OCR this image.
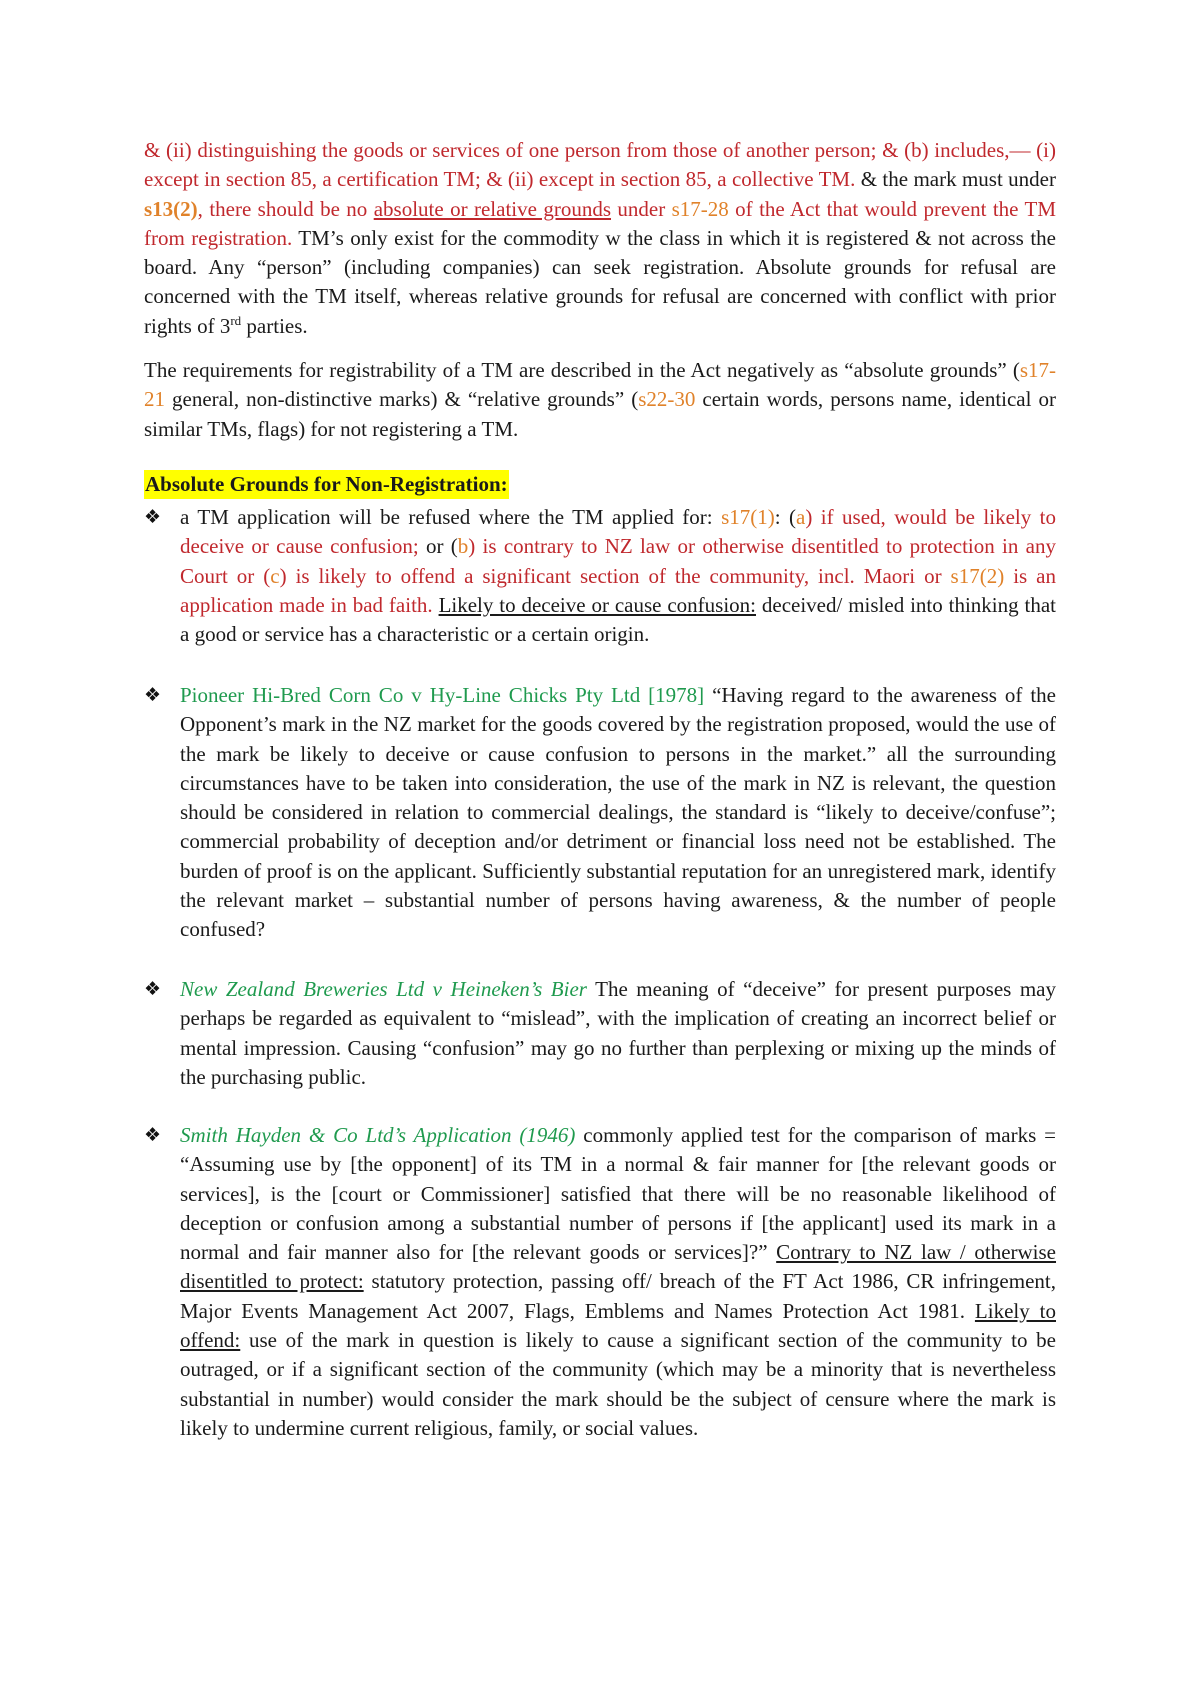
& (ii) distinguishing the goods or services of one person from those of another person; & (b) includes,— (i) except in section 85, a certification TM; & (ii) except in section 85, a collective TM. & the mark must under s13(2), there should be no absolute or relative grounds under s17-28 of the Act that would prevent the TM from registration. TM’s only exist for the commodity w the class in which it is registered & not across the board. Any “person” (including companies) can seek registration. Absolute grounds for refusal are concerned with the TM itself, whereas relative grounds for refusal are concerned with conflict with prior rights of 3rd parties.

The requirements for registrability of a TM are described in the Act negatively as “absolute grounds” (s17-21 general, non-distinctive marks) & “relative grounds” (s22-30 certain words, persons name, identical or similar TMs, flags) for not registering a TM.

Absolute Grounds for Non-Registration:
❖ a TM application will be refused where the TM applied for: s17(1): (a) if used, would be likely to deceive or cause confusion; or (b) is contrary to NZ law or otherwise disentitled to protection in any Court or (c) is likely to offend a significant section of the community, incl. Maori or s17(2) is an application made in bad faith. Likely to deceive or cause confusion: deceived/ misled into thinking that a good or service has a characteristic or a certain origin.
❖ Pioneer Hi-Bred Corn Co v Hy-Line Chicks Pty Ltd [1978] “Having regard to the awareness of the Opponent’s mark in the NZ market for the goods covered by the registration proposed, would the use of the mark be likely to deceive or cause confusion to persons in the market.” all the surrounding circumstances have to be taken into consideration, the use of the mark in NZ is relevant, the question should be considered in relation to commercial dealings, the standard is “likely to deceive/confuse”; commercial probability of deception and/or detriment or financial loss need not be established. The burden of proof is on the applicant. Sufficiently substantial reputation for an unregistered mark, identify the relevant market – substantial number of persons having awareness, & the number of people confused?
❖ New Zealand Breweries Ltd v Heineken’s Bier The meaning of “deceive” for present purposes may perhaps be regarded as equivalent to “mislead”, with the implication of creating an incorrect belief or mental impression. Causing “confusion” may go no further than perplexing or mixing up the minds of the purchasing public.
❖ Smith Hayden & Co Ltd’s Application (1946) commonly applied test for the comparison of marks = “Assuming use by [the opponent] of its TM in a normal & fair manner for [the relevant goods or services], is the [court or Commissioner] satisfied that there will be no reasonable likelihood of deception or confusion among a substantial number of persons if [the applicant] used its mark in a normal and fair manner also for [the relevant goods or services]?” Contrary to NZ law / otherwise disentitled to protect: statutory protection, passing off/ breach of the FT Act 1986, CR infringement, Major Events Management Act 2007, Flags, Emblems and Names Protection Act 1981. Likely to offend: use of the mark in question is likely to cause a significant section of the community to be outraged, or if a significant section of the community (which may be a minority that is nevertheless substantial in number) would consider the mark should be the subject of censure where the mark is likely to undermine current religious, family, or social values.
